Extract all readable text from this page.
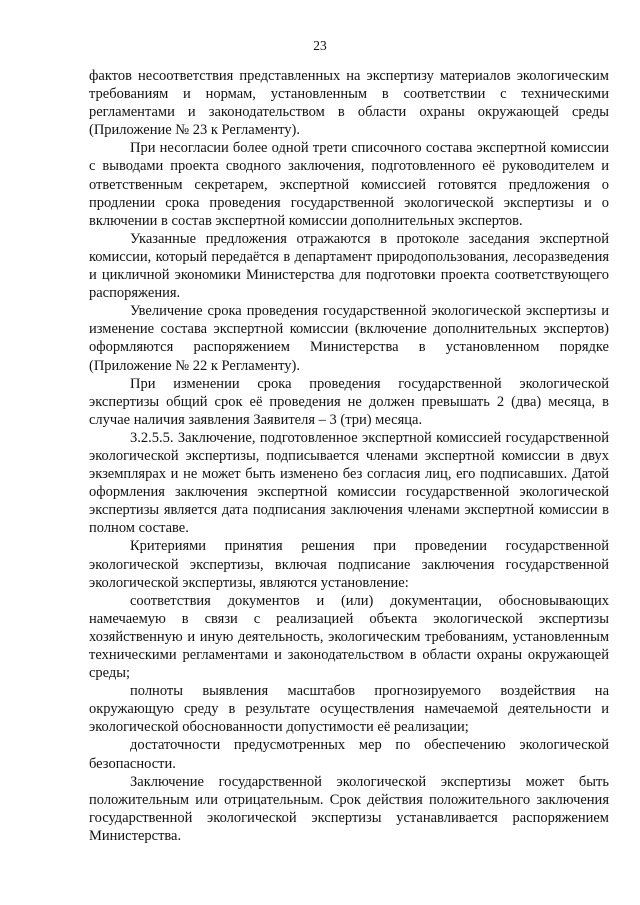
23

фактов несоответствия представленных на экспертизу материалов экологическим требованиям и нормам, установленным в соответствии с техническими регламентами и законодательством в области охраны окружающей среды (Приложение № 23 к Регламенту).

При несогласии более одной трети списочного состава экспертной комиссии с выводами проекта сводного заключения, подготовленного её руководителем и ответственным секретарем, экспертной комиссией готовятся предложения о продлении срока проведения государственной экологической экспертизы и о включении в состав экспертной комиссии дополнительных экспертов.

Указанные предложения отражаются в протоколе заседания экспертной комиссии, который передаётся в департамент природопользования, лесоразведения и цикличной экономики Министерства для подготовки проекта соответствующего распоряжения.

Увеличение срока проведения государственной экологической экспертизы и изменение состава экспертной комиссии (включение дополнительных экспертов) оформляются распоряжением Министерства в установленном порядке (Приложение № 22 к Регламенту).

При изменении срока проведения государственной экологической экспертизы общий срок её проведения не должен превышать 2 (два) месяца, в случае наличия заявления Заявителя – 3 (три) месяца.

3.2.5.5. Заключение, подготовленное экспертной комиссией государственной экологической экспертизы, подписывается членами экспертной комиссии в двух экземплярах и не может быть изменено без согласия лиц, его подписавших. Датой оформления заключения экспертной комиссии государственной экологической экспертизы является дата подписания заключения членами экспертной комиссии в полном составе.

Критериями принятия решения при проведении государственной экологической экспертизы, включая подписание заключения государственной экологической экспертизы, являются установление:

соответствия документов и (или) документации, обосновывающих намечаемую в связи с реализацией объекта экологической экспертизы хозяйственную и иную деятельность, экологическим требованиям, установленным техническими регламентами и законодательством в области охраны окружающей среды;

полноты выявления масштабов прогнозируемого воздействия на окружающую среду в результате осуществления намечаемой деятельности и экологической обоснованности допустимости её реализации;

достаточности предусмотренных мер по обеспечению экологической безопасности.

Заключение государственной экологической экспертизы может быть положительным или отрицательным. Срок действия положительного заключения государственной экологической экспертизы устанавливается распоряжением Министерства.
